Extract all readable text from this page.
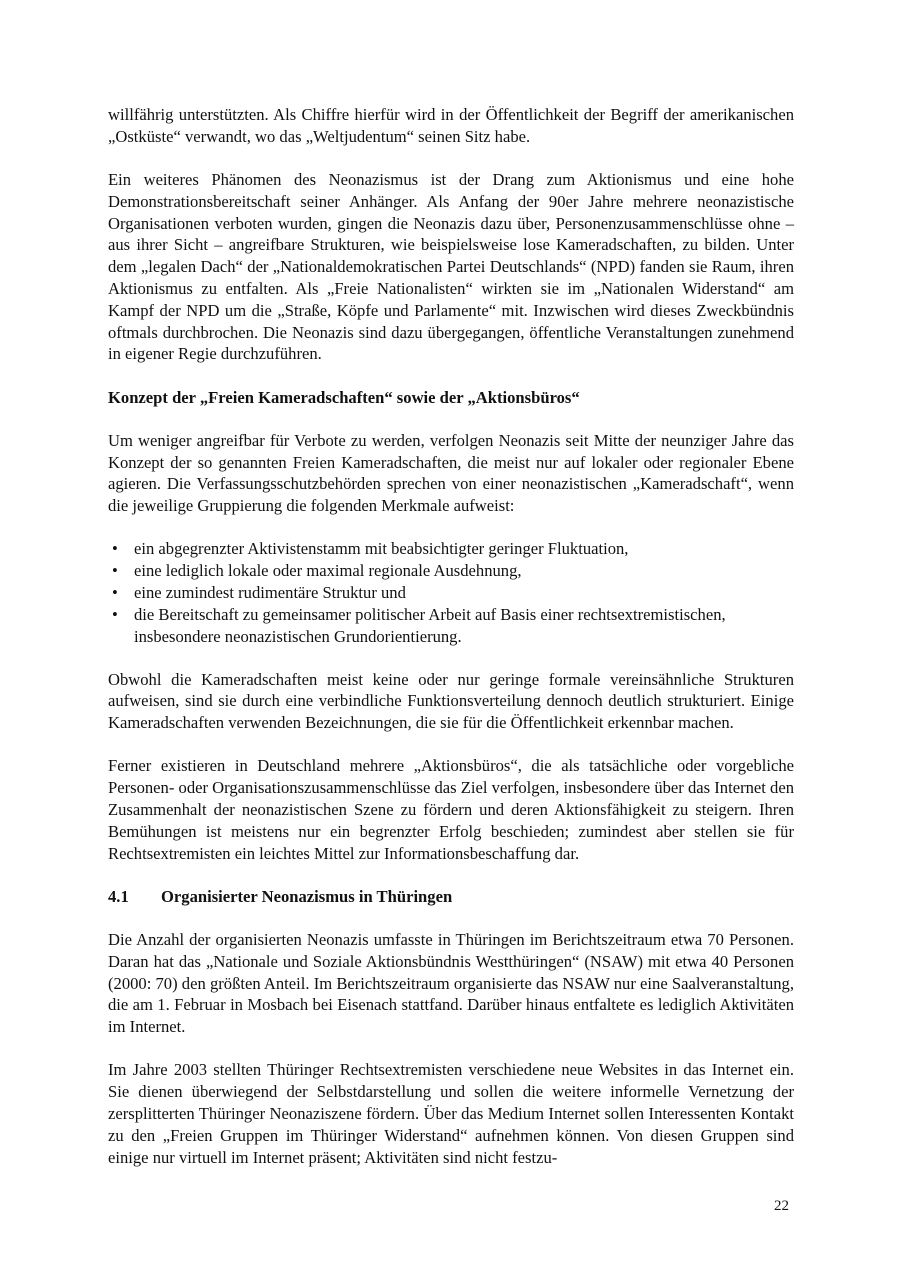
willfährig unterstützten. Als Chiffre hierfür wird in der Öffentlichkeit der Begriff der amerikanischen „Ostküste“ verwandt, wo das „Weltjudentum“ seinen Sitz habe.

Ein weiteres Phänomen des Neonazismus ist der Drang zum Aktionismus und eine hohe Demonstrationsbereitschaft seiner Anhänger. Als Anfang der 90er Jahre mehrere neonazistische Organisationen verboten wurden, gingen die Neonazis dazu über, Personenzusammenschlüsse ohne – aus ihrer Sicht – angreifbare Strukturen, wie beispielsweise lose Kameradschaften, zu bilden. Unter dem „legalen Dach“ der „Nationaldemokratischen Partei Deutschlands“ (NPD) fanden sie Raum, ihren Aktionismus zu entfalten. Als „Freie Nationalisten“ wirkten sie im „Nationalen Widerstand“ am Kampf der NPD um die „Straße, Köpfe und Parlamente“ mit. Inzwischen wird dieses Zweckbündnis oftmals durchbrochen. Die Neonazis sind dazu übergegangen, öffentliche Veranstaltungen zunehmend in eigener Regie durchzuführen.

Konzept der „Freien Kameradschaften“ sowie der „Aktionsbüros“

Um weniger angreifbar für Verbote zu werden, verfolgen Neonazis seit Mitte der neunziger Jahre das Konzept der so genannten Freien Kameradschaften, die meist nur auf lokaler oder regionaler Ebene agieren. Die Verfassungsschutzbehörden sprechen von einer neonazistischen „Kameradschaft“, wenn die jeweilige Gruppierung die folgenden Merkmale aufweist:

• ein abgegrenzter Aktivistenstamm mit beabsichtigter geringer Fluktuation,
• eine lediglich lokale oder maximal regionale Ausdehnung,
• eine zumindest rudimentäre Struktur und
• die Bereitschaft zu gemeinsamer politischer Arbeit auf Basis einer rechtsextremistischen, insbesondere neonazistischen Grundorientierung.

Obwohl die Kameradschaften meist keine oder nur geringe formale vereinsähnliche Strukturen aufweisen, sind sie durch eine verbindliche Funktionsverteilung dennoch deutlich strukturiert. Einige Kameradschaften verwenden Bezeichnungen, die sie für die Öffentlichkeit erkennbar machen.

Ferner existieren in Deutschland mehrere „Aktionsbüros“, die als tatsächliche oder vorgebliche Personen- oder Organisationszusammenschlüsse das Ziel verfolgen, insbesondere über das Internet den Zusammenhalt der neonazistischen Szene zu fördern und deren Aktionsfähigkeit zu steigern. Ihren Bemühungen ist meistens nur ein begrenzter Erfolg beschieden; zumindest aber stellen sie für Rechtsextremisten ein leichtes Mittel zur Informationsbeschaffung dar.

4.1	Organisierter Neonazismus in Thüringen

Die Anzahl der organisierten Neonazis umfasste in Thüringen im Berichtszeitraum etwa 70 Personen. Daran hat das „Nationale und Soziale Aktionsbündnis Westthüringen“ (NSAW) mit etwa 40 Personen (2000: 70) den größten Anteil. Im Berichtszeitraum organisierte das NSAW nur eine Saalveranstaltung, die am 1. Februar in Mosbach bei Eisenach stattfand. Darüber hinaus entfaltete es lediglich Aktivitäten im Internet.

Im Jahre 2003 stellten Thüringer Rechtsextremisten verschiedene neue Websites in das Internet ein. Sie dienen überwiegend der Selbstdarstellung und sollen die weitere informelle Vernetzung der zersplitterten Thüringer Neonaziszene fördern. Über das Medium Internet sollen Interessenten Kontakt zu den „Freien Gruppen im Thüringer Widerstand“ aufnehmen können. Von diesen Gruppen sind einige nur virtuell im Internet präsent; Aktivitäten sind nicht festzu-

22
